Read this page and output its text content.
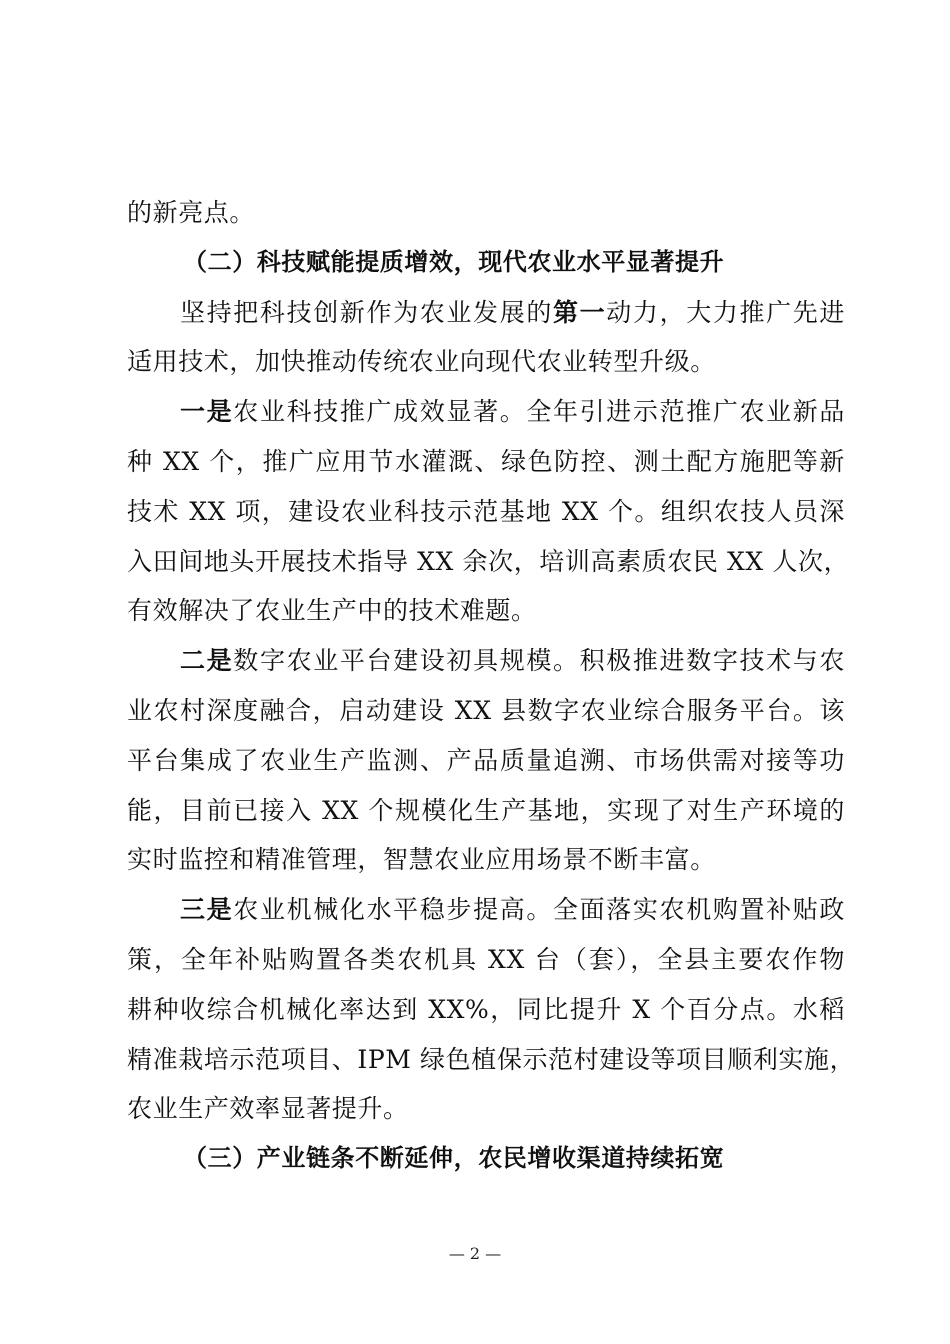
的新亮点。
（二）科技赋能提质增效，现代农业水平显著提升
坚持把科技创新作为农业发展的第一动力，大力推广先进
适用技术，加快推动传统农业向现代农业转型升级。
一是农业科技推广成效显著。全年引进示范推广农业新品
种 XX 个，推广应用节水灌溉、绿色防控、测土配方施肥等新
技术 XX 项，建设农业科技示范基地 XX 个。组织农技人员深
入田间地头开展技术指导 XX 余次，培训高素质农民 XX 人次，
有效解决了农业生产中的技术难题。
二是数字农业平台建设初具规模。积极推进数字技术与农
业农村深度融合，启动建设 XX 县数字农业综合服务平台。该
平台集成了农业生产监测、产品质量追溯、市场供需对接等功
能，目前已接入 XX 个规模化生产基地，实现了对生产环境的
实时监控和精准管理，智慧农业应用场景不断丰富。
三是农业机械化水平稳步提高。全面落实农机购置补贴政
策，全年补贴购置各类农机具 XX 台（套），全县主要农作物
耕种收综合机械化率达到 XX%，同比提升 X 个百分点。水稻
精准栽培示范项目、IPM 绿色植保示范村建设等项目顺利实施，
农业生产效率显著提升。
（三）产业链条不断延伸，农民增收渠道持续拓宽
— 2 —
